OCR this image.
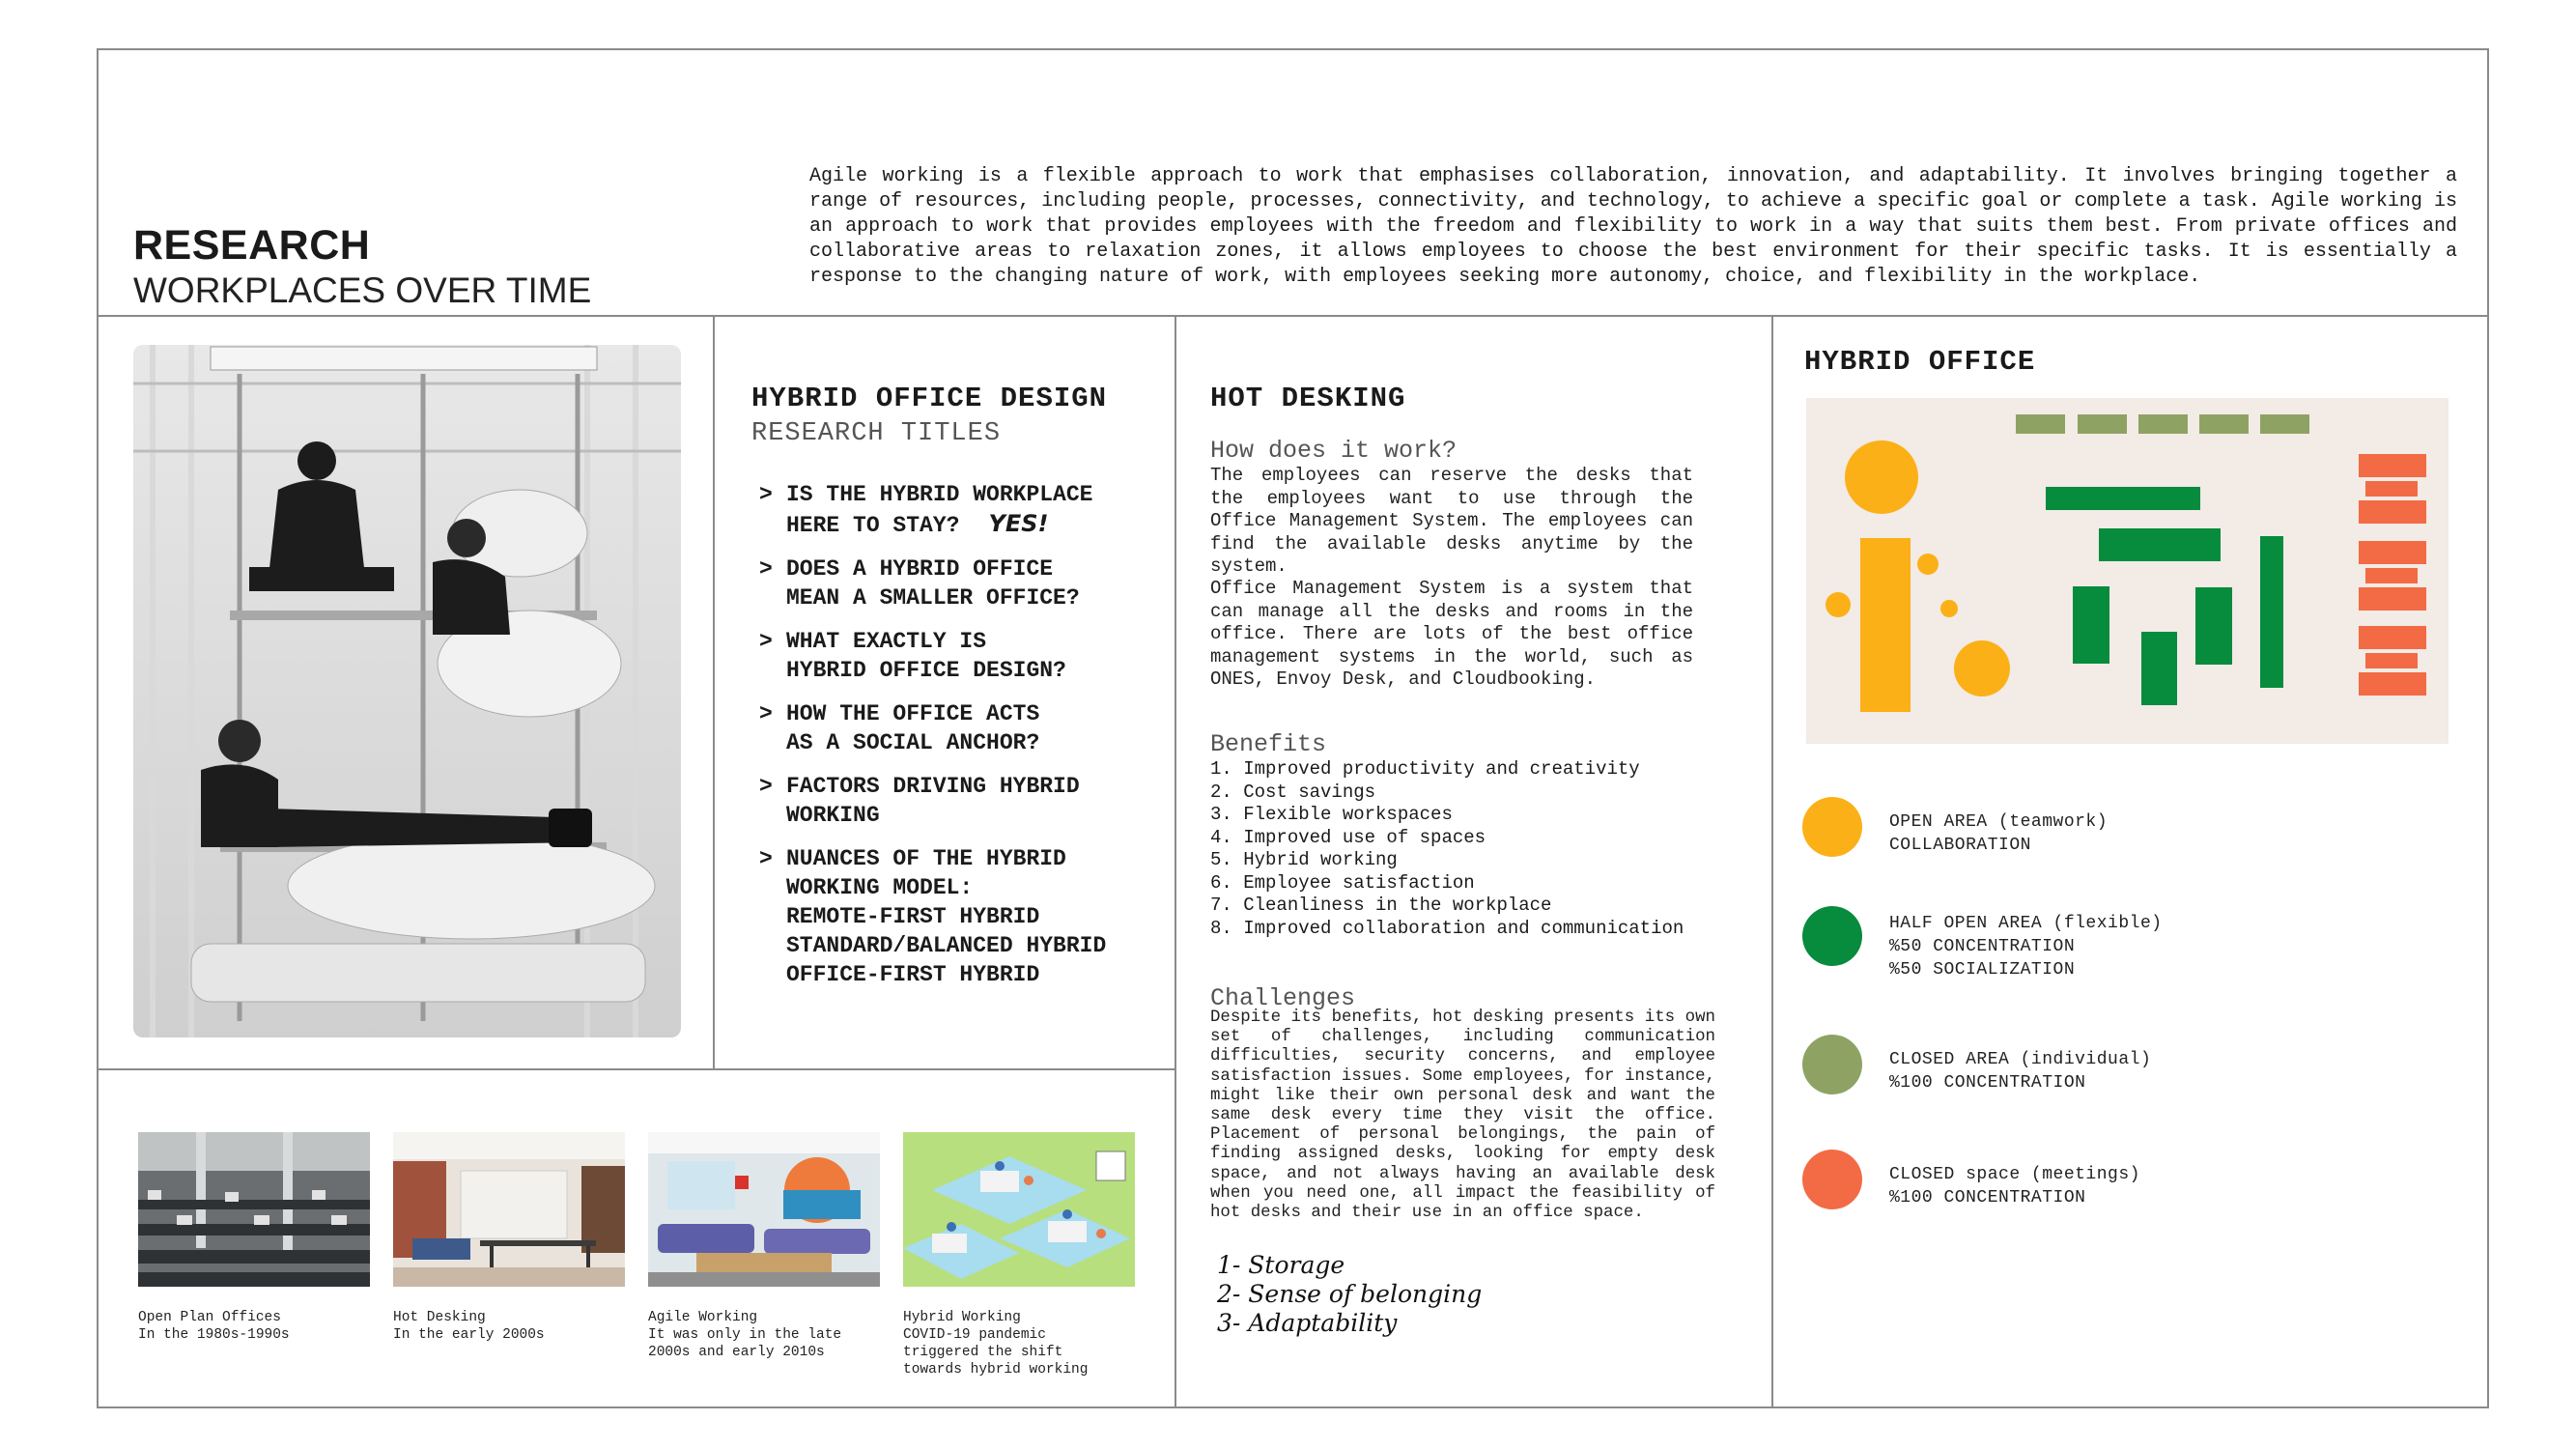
RESEARCH
WORKPLACES OVER TIME
Agile working is a flexible approach to work that emphasises collaboration, innovation, and adaptability. It involves bringing together a range of resources, including people, processes, connectivity, and technology, to achieve a specific goal or complete a task. Agile working is an approach to work that provides employees with the freedom and flexibility to work in a way that suits them best. From private offices and collaborative areas to relaxation zones, it allows employees to choose the best environment for their specific tasks. It is essentially a response to the changing nature of work, with employees seeking more autonomy, choice, and flexibility in the workplace.
HYBRID OFFICE DESIGN
RESEARCH TITLES
> IS THE HYBRID WORKPLACE
HERE TO STAY? YES!
> DOES A HYBRID OFFICE
MEAN A SMALLER OFFICE?
> WHAT EXACTLY IS
HYBRID OFFICE DESIGN?
> HOW THE OFFICE ACTS
AS A SOCIAL ANCHOR?
> FACTORS DRIVING HYBRID
WORKING
> NUANCES OF THE HYBRID
WORKING MODEL:
REMOTE-FIRST HYBRID
STANDARD/BALANCED HYBRID
OFFICE-FIRST HYBRID
HOT DESKING
How does it work?
The employees can reserve the desks that the employees want to use through the Office Management System. The employees can find the available desks anytime by the system.
Office Management System is a system that can manage all the desks and rooms in the office. There are lots of the best office management systems in the world, such as ONES, Envoy Desk, and Cloudbooking.
Benefits
1. Improved productivity and creativity
2. Cost savings
3. Flexible workspaces
4. Improved use of spaces
5. Hybrid working
6. Employee satisfaction
7. Cleanliness in the workplace
8. Improved collaboration and communication
Challenges
Despite its benefits, hot desking presents its own set of challenges, including communication difficulties, security concerns, and employee satisfaction issues. Some employees, for instance, might like their own personal desk and want the same desk every time they visit the office. Placement of personal belongings, the pain of finding assigned desks, looking for empty desk space, and not always having an available desk when you need one, all impact the feasibility of hot desks and their use in an office space.
1- Storage
2- Sense of belonging
3- Adaptability
HYBRID OFFICE
OPEN AREA (teamwork)
COLLABORATION
HALF OPEN AREA (flexible)
%50 CONCENTRATION
%50 SOCIALIZATION
CLOSED AREA (individual)
%100 CONCENTRATION
CLOSED space (meetings)
%100 CONCENTRATION
Open Plan Offices
In the 1980s-1990s
Hot Desking
In the early 2000s
Agile Working
It was only in the late 2000s and early 2010s
Hybrid Working
COVID-19 pandemic triggered the shift towards hybrid working
